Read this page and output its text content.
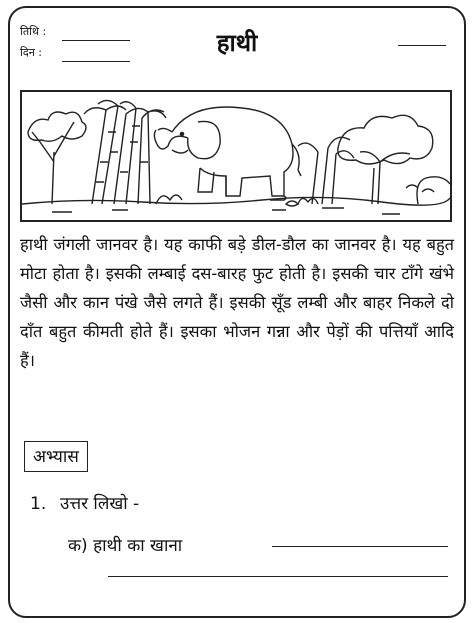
तिथि :
दिन :	हाथी

हाथी जंगली जानवर है। यह काफी बड़े डील-डौल का जानवर है। यह बहुत मोटा होता है। इसकी लम्बाई दस-बारह फुट होती है। इसकी चार टाँगे खंभे जैसी और कान पंखे जैसे लगते हैं। इसकी सूँड लम्बी और बाहर निकले दो दाँत बहुत कीमती होते हैं। इसका भोजन गन्ना और पेड़ों की पत्तियाँ आदि हैं।

अभ्यास
1. उत्तर लिखो -
क) हाथी का खाना
